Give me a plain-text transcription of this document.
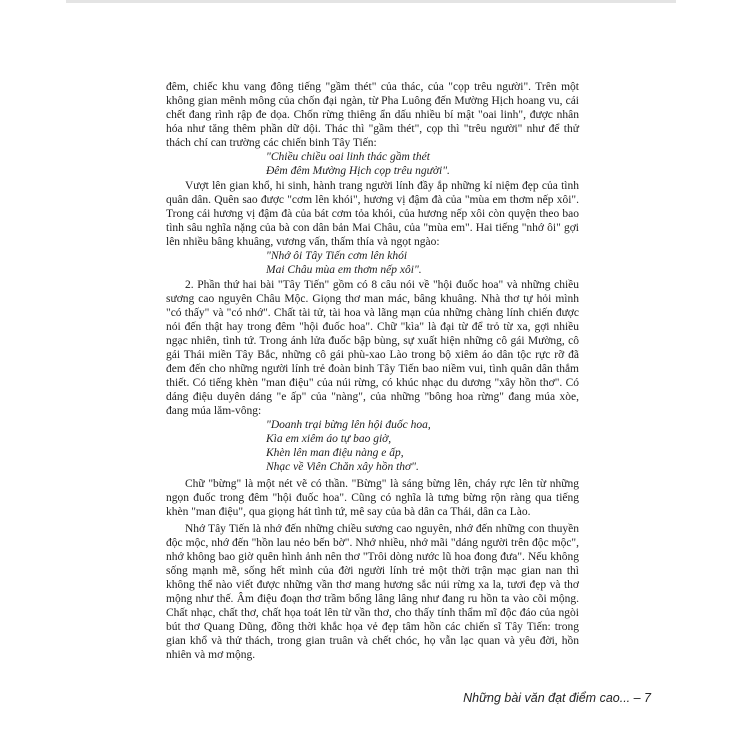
đêm, chiếc khu vang đông tiếng "gầm thét" của thác, của "cọp trêu người". Trên một không gian mênh mông của chốn đại ngàn, từ Pha Luông đến Mường Hịch hoang vu, cái chết đang rình rập đe dọa. Chốn rừng thiêng ẩn dấu nhiều bí mật "oai linh", được nhân hóa như tăng thêm phần dữ dội. Thác thì "gầm thét", cọp thì "trêu người" như để thử thách chí can trường các chiến binh Tây Tiến:

"Chiều chiều oai linh thác gầm thét
Đêm đêm Mường Hịch cọp trêu người".

Vượt lên gian khổ, hi sinh, hành trang người lính đầy ắp những kỉ niệm đẹp của tình quân dân. Quên sao được "cơm lên khói", hương vị đậm đà của "mùa em thơm nếp xôi". Trong cái hương vị đậm đà của bát cơm tỏa khói, của hương nếp xôi còn quyện theo bao tình sâu nghĩa nặng của bà con dân bản Mai Châu, của "mùa em". Hai tiếng "nhớ ôi" gợi lên nhiều bâng khuâng, vương vấn, thấm thía và ngọt ngào:

"Nhớ ôi Tây Tiến cơm lên khói
Mai Châu mùa em thơm nếp xôi".

2. Phần thứ hai bài "Tây Tiến" gồm có 8 câu nói về "hội đuốc hoa" và những chiều sương cao nguyên Châu Mộc. Giọng thơ man mác, bâng khuâng. Nhà thơ tự hỏi mình "có thấy" và "có nhớ". Chất tài tử, tài hoa và lãng mạn của những chàng lính chiến được nói đến thật hay trong đêm "hội đuốc hoa". Chữ "kìa" là đại từ để trỏ từ xa, gợi nhiều ngạc nhiên, tình tứ. Trong ánh lửa đuốc bập bùng, sự xuất hiện những cô gái Mường, cô gái Thái miền Tây Bắc, những cô gái phù-xao Lào trong bộ xiêm áo dân tộc rực rỡ đã đem đến cho những người lính trẻ đoàn binh Tây Tiến bao niềm vui, tình quân dân thắm thiết. Có tiếng khèn "man điệu" của núi rừng, có khúc nhạc du dương "xây hồn thơ". Có dáng điệu duyên dáng "e ấp" của "nàng", của những "bông hoa rừng" đang múa xòe, đang múa lăm-vông:

"Doanh trại bừng lên hội đuốc hoa,
Kìa em xiêm áo tự bao giờ,
Khèn lên man điệu nàng e ấp,
Nhạc về Viên Chăn xây hồn thơ".

Chữ "bừng" là một nét vẽ có thần. "Bừng" là sáng bừng lên, cháy rực lên từ những ngọn đuốc trong đêm "hội đuốc hoa". Cũng có nghĩa là tưng bừng rộn ràng qua tiếng khèn "man điệu", qua giọng hát tình tứ, mê say của bà dân ca Thái, dân ca Lào.

Nhớ Tây Tiến là nhớ đến những chiều sương cao nguyên, nhớ đến những con thuyền độc mộc, nhớ đến "hồn lau nẻo bến bờ". Nhớ nhiều, nhớ mãi "dáng người trên độc mộc", nhớ không bao giờ quên hình ảnh nên thơ "Trôi dòng nước lũ hoa đong đưa". Nếu không sống mạnh mẽ, sống hết mình của đời người lính trẻ một thời trận mạc gian nan thì không thể nào viết được những vần thơ mang hương sắc núi rừng xa la, tươi đẹp và thơ mộng như thế. Âm điệu đoạn thơ trầm bổng lâng lâng như đang ru hồn ta vào cõi mộng. Chất nhạc, chất thơ, chất họa toát lên từ vần thơ, cho thấy tính thẩm mĩ độc đáo của ngòi bút thơ Quang Dũng, đồng thời khắc họa vẻ đẹp tâm hồn các chiến sĩ Tây Tiến: trong gian khổ và thử thách, trong gian truân và chết chóc, họ vẫn lạc quan và yêu đời, hồn nhiên và mơ mộng.

Những bài văn đạt điểm cao... – 7
